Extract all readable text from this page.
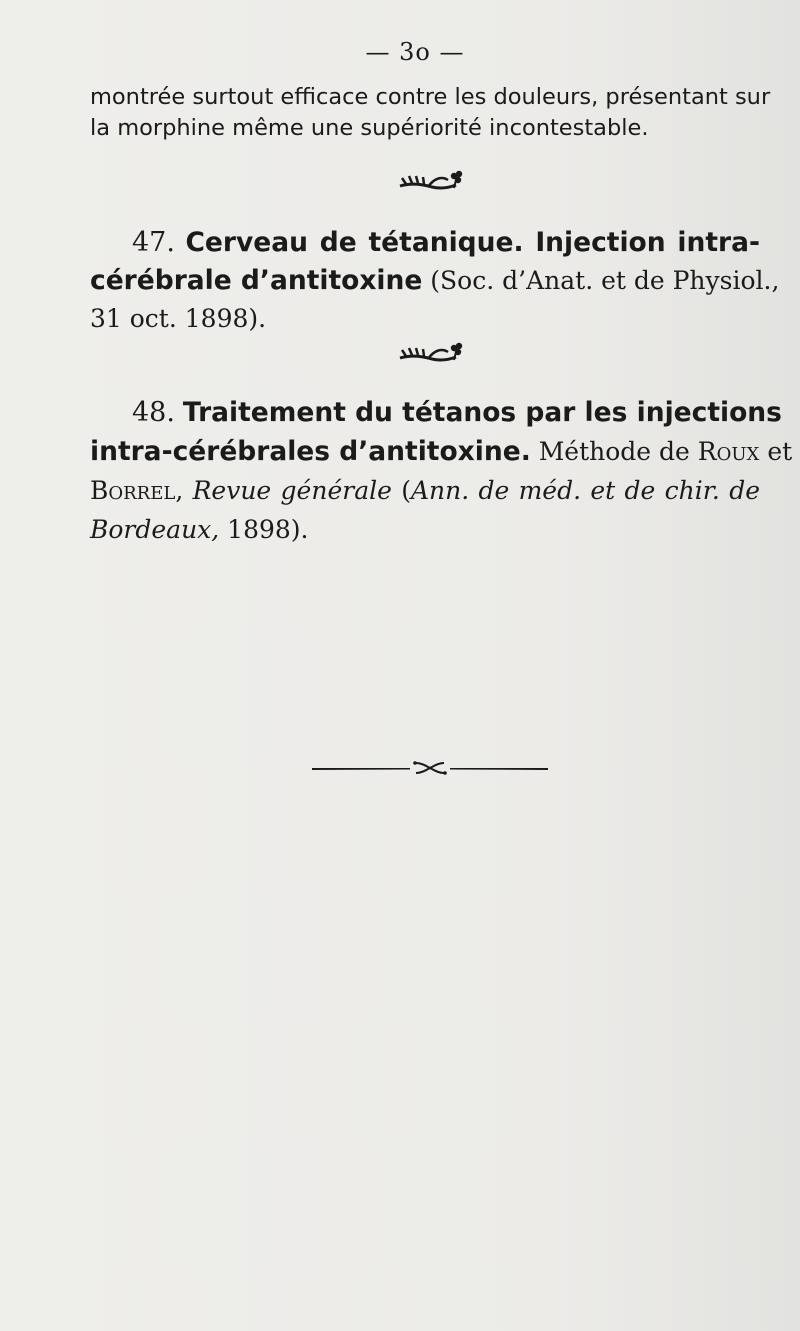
— 3o —

montrée surtout efficace contre les douleurs, présentant sur
la morphine même une supériorité incontestable.

47. Cerveau de tétanique. Injection intra-
cérébrale d’antitoxine (Soc. d’Anat. et de Physiol.,
31 oct. 1898).

48. Traitement du tétanos par les injections
intra-cérébrales d’antitoxine. Méthode de Roux et
Borrel, Revue générale (Ann. de méd. et de chir. de
Bordeaux, 1898).
